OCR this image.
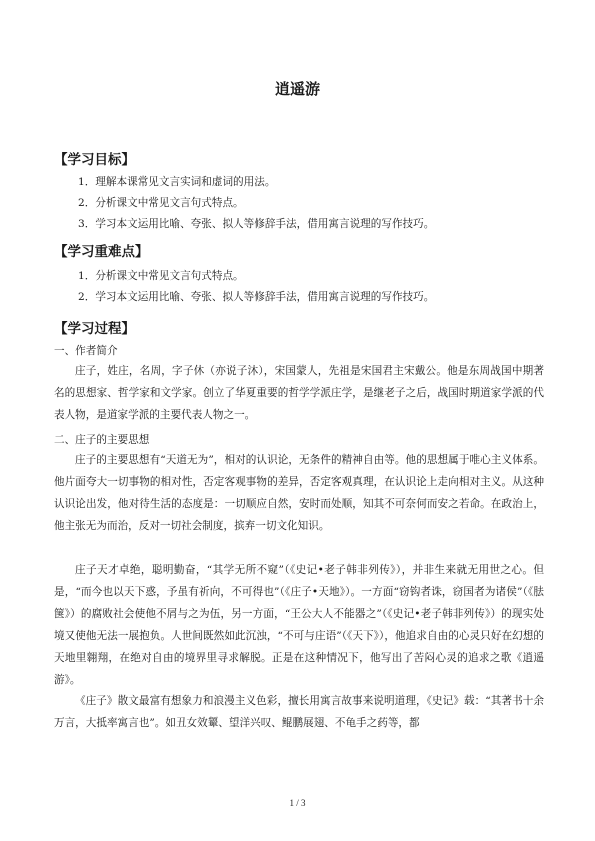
逍遥游
【学习目标】
1．理解本课常见文言实词和虚词的用法。
2．分析课文中常见文言句式特点。
3．学习本文运用比喻、夸张、拟人等修辞手法，借用寓言说理的写作技巧。
【学习重难点】
1．分析课文中常见文言句式特点。
2．学习本文运用比喻、夸张、拟人等修辞手法，借用寓言说理的写作技巧。
【学习过程】
一、作者简介

庄子，姓庄，名周，字子休（亦说子沐），宋国蒙人，先祖是宋国君主宋戴公。他是东周战国中期著名的思想家、哲学家和文学家。创立了华夏重要的哲学学派庄学，是继老子之后，战国时期道家学派的代表人物，是道家学派的主要代表人物之一。

二、庄子的主要思想

庄子的主要思想有“天道无为”，相对的认识论，无条件的精神自由等。他的思想属于唯心主义体系。他片面夸大一切事物的相对性，否定客观事物的差异，否定客观真理，在认识论上走向相对主义。从这种认识论出发，他对待生活的态度是：一切顺应自然，安时而处顺，知其不可奈何而安之若命。在政治上，他主张无为而治，反对一切社会制度，摈弃一切文化知识。

庄子天才卓绝，聪明勤奋，“其学无所不窥”（《史记•老子韩非列传》），并非生来就无用世之心。但是，“而今也以天下惑，予虽有祈向，不可得也”（《庄子•天地》）。一方面“窃钩者诛，窃国者为诸侯”（《胠箧》）的腐败社会使他不屑与之为伍，另一方面，“王公大人不能器之”（《史记•老子韩非列传》）的现实处境又使他无法一展抱负。人世间既然如此沉浊，“不可与庄语”（《天下》），他追求自由的心灵只好在幻想的天地里翱翔，在绝对自由的境界里寻求解脱。正是在这种情况下，他写出了苦闷心灵的追求之歌《逍遥游》。

《庄子》散文最富有想象力和浪漫主义色彩，擅长用寓言故事来说明道理，《史记》载：“其著书十余万言，大抵率寓言也”。如丑女效颦、望洋兴叹、鲲鹏展翅、不龟手之药等，都

1 / 3
